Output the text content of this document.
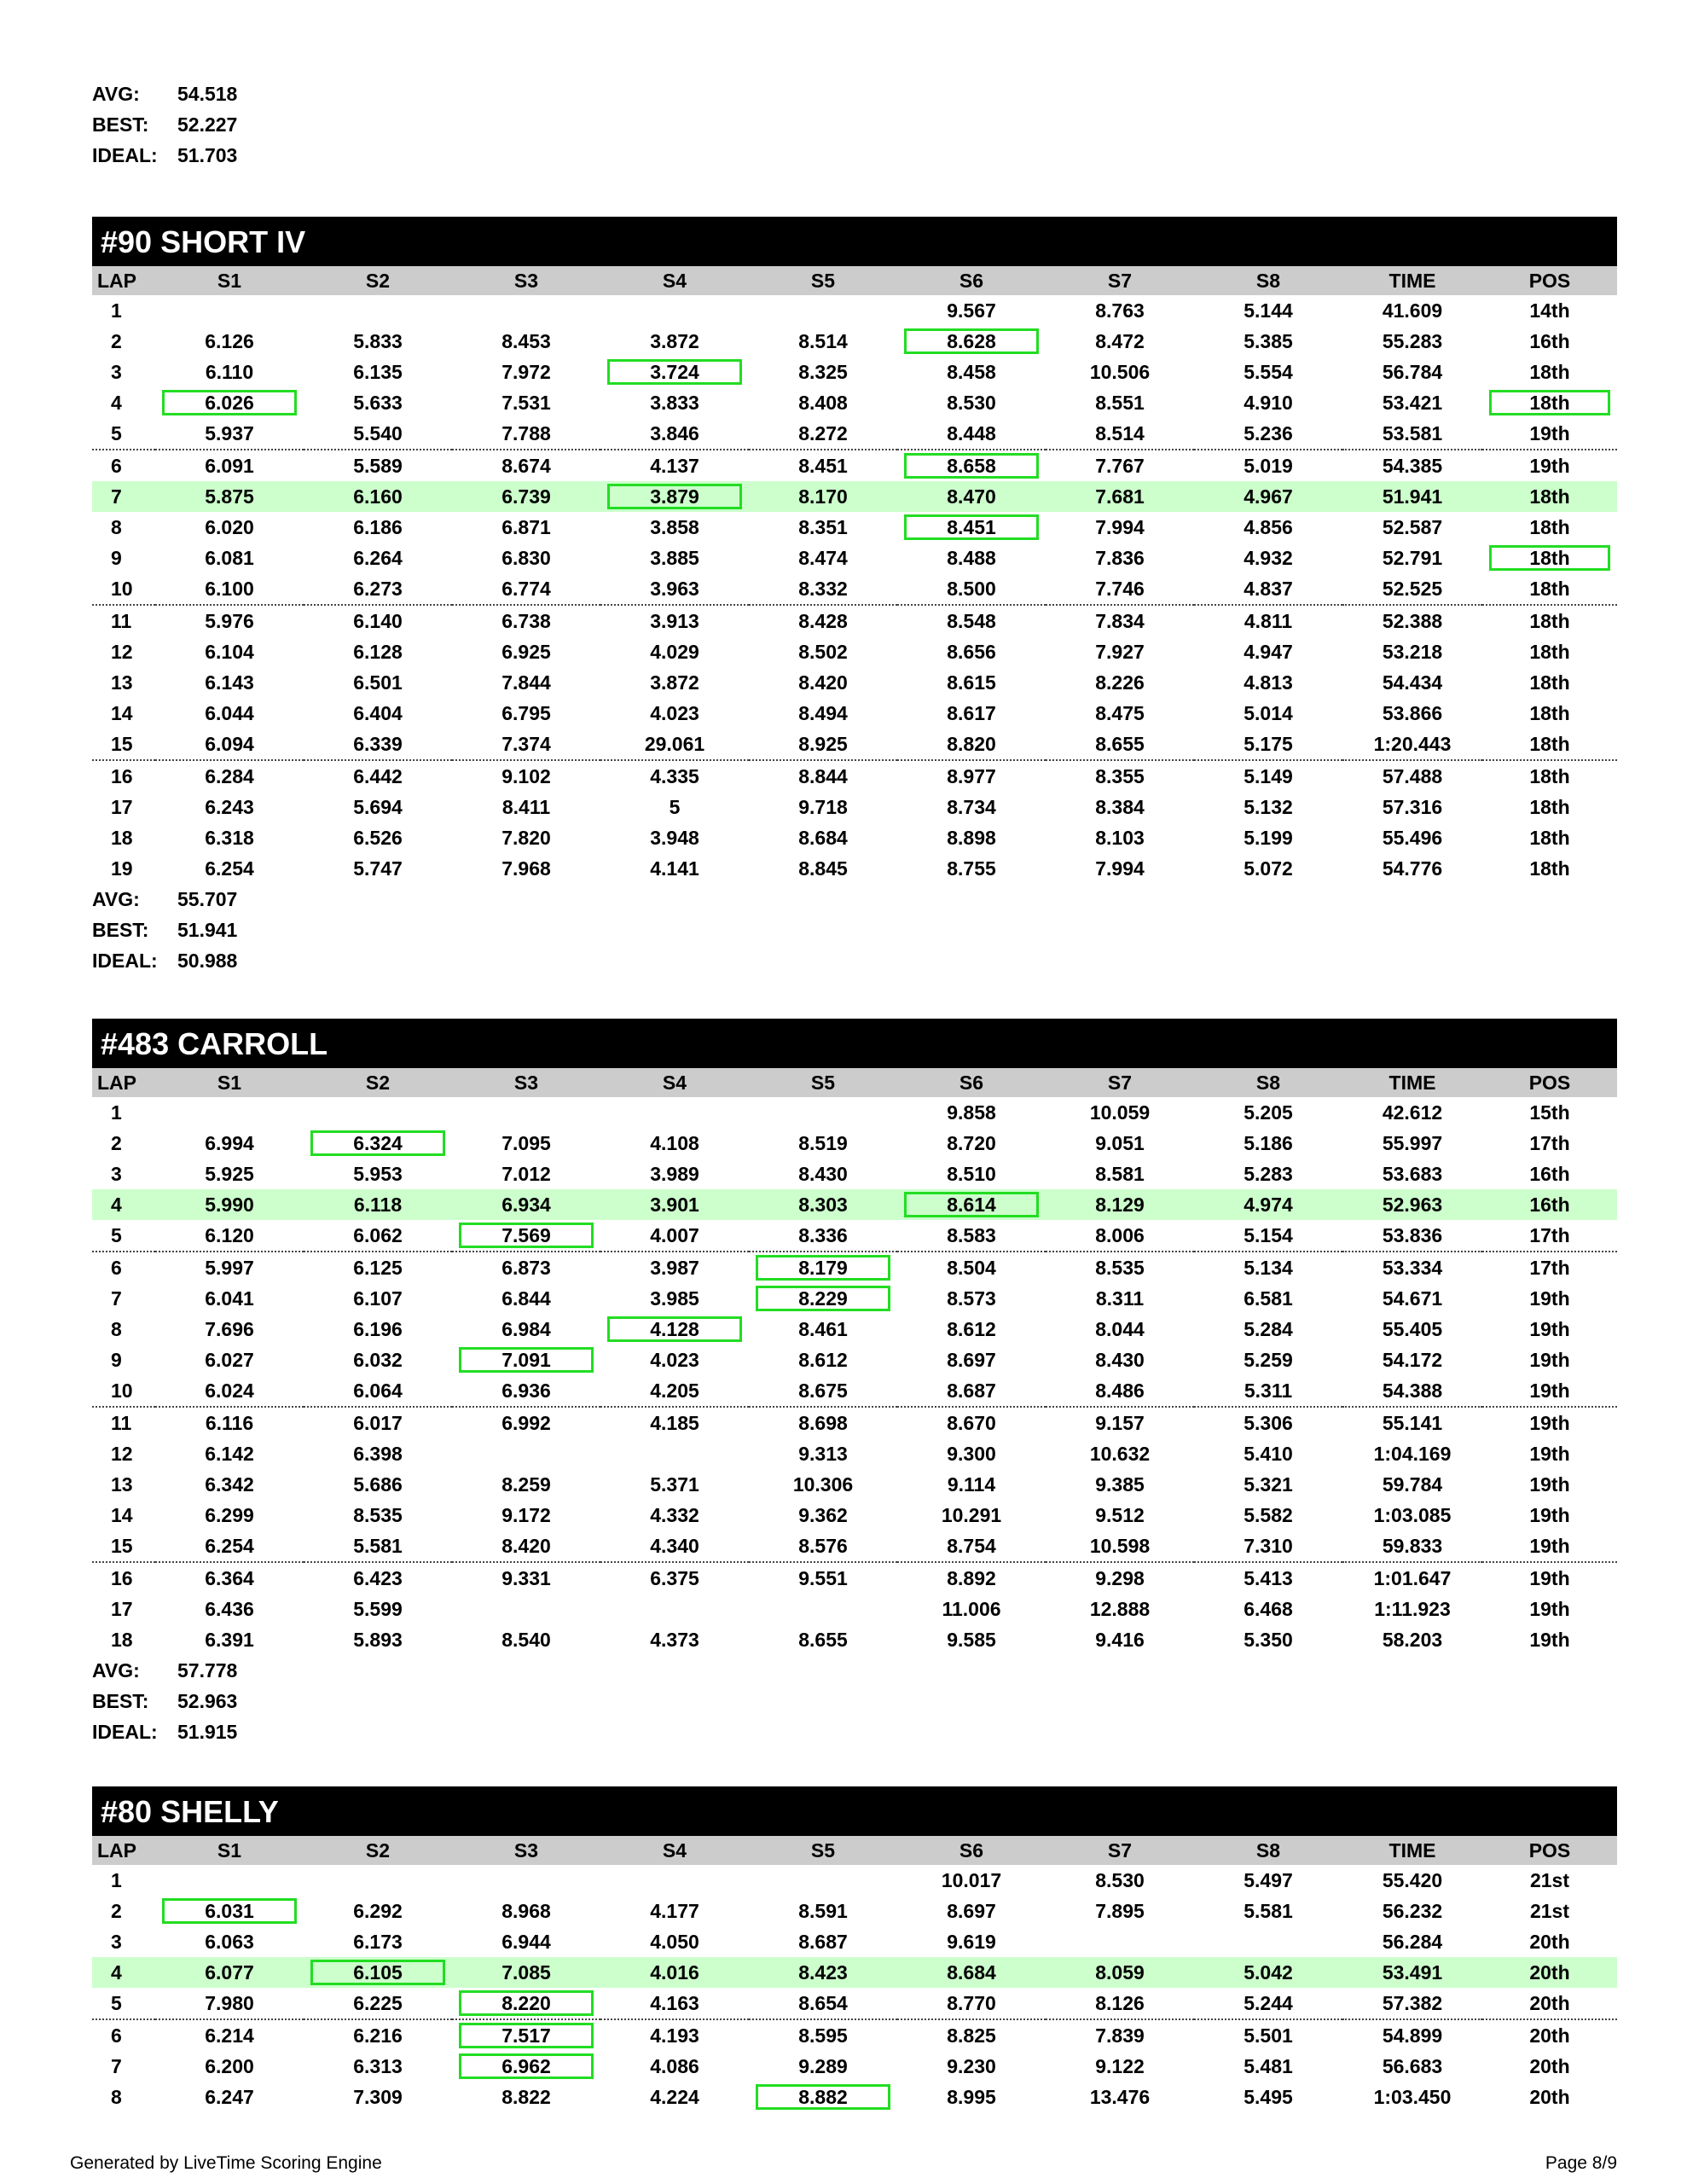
AVG:	54.518
BEST:	52.227
IDEAL:	51.703
#90 SHORT IV
LAP	S1	S2	S3	S4	S5	S6	S7	S8	TIME	POS
1						9.567	8.763	5.144	41.609	14th
2	6.126	5.833	8.453	3.872	8.514	8.628	8.472	5.385	55.283	16th
3	6.110	6.135	7.972	3.724	8.325	8.458	10.506	5.554	56.784	18th
4	6.026	5.633	7.531	3.833	8.408	8.530	8.551	4.910	53.421	18th
5	5.937	5.540	7.788	3.846	8.272	8.448	8.514	5.236	53.581	19th
6	6.091	5.589	8.674	4.137	8.451	8.658	7.767	5.019	54.385	19th
7	5.875	6.160	6.739	3.879	8.170	8.470	7.681	4.967	51.941	18th
8	6.020	6.186	6.871	3.858	8.351	8.451	7.994	4.856	52.587	18th
9	6.081	6.264	6.830	3.885	8.474	8.488	7.836	4.932	52.791	18th
10	6.100	6.273	6.774	3.963	8.332	8.500	7.746	4.837	52.525	18th
11	5.976	6.140	6.738	3.913	8.428	8.548	7.834	4.811	52.388	18th
12	6.104	6.128	6.925	4.029	8.502	8.656	7.927	4.947	53.218	18th
13	6.143	6.501	7.844	3.872	8.420	8.615	8.226	4.813	54.434	18th
14	6.044	6.404	6.795	4.023	8.494	8.617	8.475	5.014	53.866	18th
15	6.094	6.339	7.374	29.061	8.925	8.820	8.655	5.175	1:20.443	18th
16	6.284	6.442	9.102	4.335	8.844	8.977	8.355	5.149	57.488	18th
17	6.243	5.694	8.411	5	9.718	8.734	8.384	5.132	57.316	18th
18	6.318	6.526	7.820	3.948	8.684	8.898	8.103	5.199	55.496	18th
19	6.254	5.747	7.968	4.141	8.845	8.755	7.994	5.072	54.776	18th
AVG:	55.707
BEST:	51.941
IDEAL:	50.988
#483 CARROLL
LAP	S1	S2	S3	S4	S5	S6	S7	S8	TIME	POS
1						9.858	10.059	5.205	42.612	15th
2	6.994	6.324	7.095	4.108	8.519	8.720	9.051	5.186	55.997	17th
3	5.925	5.953	7.012	3.989	8.430	8.510	8.581	5.283	53.683	16th
4	5.990	6.118	6.934	3.901	8.303	8.614	8.129	4.974	52.963	16th
5	6.120	6.062	7.569	4.007	8.336	8.583	8.006	5.154	53.836	17th
6	5.997	6.125	6.873	3.987	8.179	8.504	8.535	5.134	53.334	17th
7	6.041	6.107	6.844	3.985	8.229	8.573	8.311	6.581	54.671	19th
8	7.696	6.196	6.984	4.128	8.461	8.612	8.044	5.284	55.405	19th
9	6.027	6.032	7.091	4.023	8.612	8.697	8.430	5.259	54.172	19th
10	6.024	6.064	6.936	4.205	8.675	8.687	8.486	5.311	54.388	19th
11	6.116	6.017	6.992	4.185	8.698	8.670	9.157	5.306	55.141	19th
12	6.142	6.398			9.313	9.300	10.632	5.410	1:04.169	19th
13	6.342	5.686	8.259	5.371	10.306	9.114	9.385	5.321	59.784	19th
14	6.299	8.535	9.172	4.332	9.362	10.291	9.512	5.582	1:03.085	19th
15	6.254	5.581	8.420	4.340	8.576	8.754	10.598	7.310	59.833	19th
16	6.364	6.423	9.331	6.375	9.551	8.892	9.298	5.413	1:01.647	19th
17	6.436	5.599				11.006	12.888	6.468	1:11.923	19th
18	6.391	5.893	8.540	4.373	8.655	9.585	9.416	5.350	58.203	19th
AVG:	57.778
BEST:	52.963
IDEAL:	51.915
#80 SHELLY
LAP	S1	S2	S3	S4	S5	S6	S7	S8	TIME	POS
1						10.017	8.530	5.497	55.420	21st
2	6.031	6.292	8.968	4.177	8.591	8.697	7.895	5.581	56.232	21st
3	6.063	6.173	6.944	4.050	8.687	9.619			56.284	20th
4	6.077	6.105	7.085	4.016	8.423	8.684	8.059	5.042	53.491	20th
5	7.980	6.225	8.220	4.163	8.654	8.770	8.126	5.244	57.382	20th
6	6.214	6.216	7.517	4.193	8.595	8.825	7.839	5.501	54.899	20th
7	6.200	6.313	6.962	4.086	9.289	9.230	9.122	5.481	56.683	20th
8	6.247	7.309	8.822	4.224	8.882	8.995	13.476	5.495	1:03.450	20th
Generated by LiveTime Scoring Engine	Page 8/9
